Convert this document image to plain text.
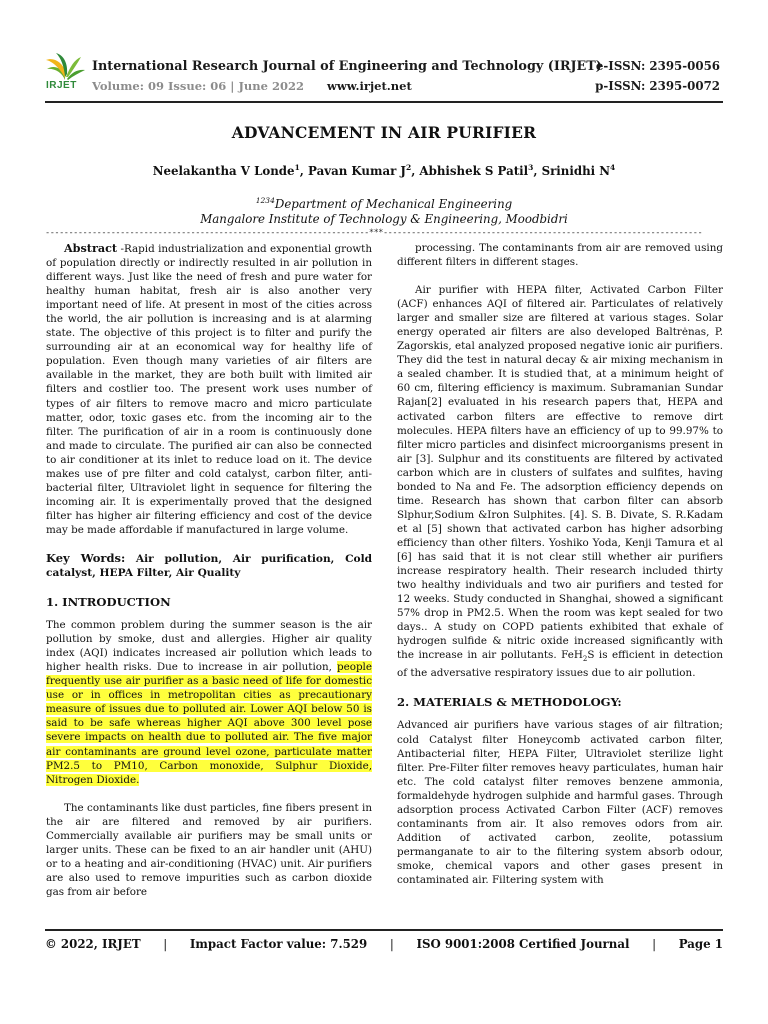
IRJET
International Research Journal of Engineering and Technology (IRJET)
Volume: 09 Issue: 06 | June 2022 www.irjet.net
e-ISSN: 2395-0056
p-ISSN: 2395-0072
ADVANCEMENT IN AIR PURIFIER
Neelakantha V Londe$^1$, Pavan Kumar $J^2$, Abhishek S Patil$^3$, Srinidhi $N^4$
$^{1234}$Department of Mechanical Engineering
Mangalore Institute of Technology & Engineering, Moodbidri
---------------------------------------------------------------------***--------------------------------------------------------------------

Abstract -Rapid industrialization and exponential growth of population directly or indirectly resulted in air pollution in different ways. Just like the need of fresh and pure water for healthy human habitat, fresh air is also another very important need of life. At present in most of the cities across the world, the air pollution is increasing and is at alarming state. The objective of this project is to filter and purify the surrounding air at an economical way for healthy life of population. Even though many varieties of air filters are available in the market, they are both built with limited air filters and costlier too. The present work uses number of types of air filters to remove macro and micro particulate matter, odor, toxic gases etc. from the incoming air to the filter. The purification of air in a room is continuously done and made to circulate. The purified air can also be connected to air conditioner at its inlet to reduce load on it. The device makes use of pre filter and cold catalyst, carbon filter, anti-bacterial filter, Ultraviolet light in sequence for filtering the incoming air. It is experimentally proved that the designed filter has higher air filtering efficiency and cost of the device may be made affordable if manufactured in large volume.

Key Words: Air pollution, Air purification, Cold catalyst, HEPA Filter, Air Quality

1. INTRODUCTION

The common problem during the summer season is the air pollution by smoke, dust and allergies. Higher air quality index (AQI) indicates increased air pollution which leads to higher health risks. Due to increase in air pollution, people frequently use air purifier as a basic need of life for domestic use or in offices in metropolitan cities as precautionary measure of issues due to polluted air. Lower AQI below 50 is said to be safe whereas higher AQI above 300 level pose severe impacts on health due to polluted air. The five major air contaminants are ground level ozone, particulate matter PM2.5 to PM10, Carbon monoxide, Sulphur Dioxide, Nitrogen Dioxide.

The contaminants like dust particles, fine fibers present in the air are filtered and removed by air purifiers. Commercially available air purifiers may be small units or larger units. These can be fixed to an air handler unit (AHU) or to a heating and air-conditioning (HVAC) unit. Air purifiers are also used to remove impurities such as carbon dioxide gas from air before

processing. The contaminants from air are removed using different filters in different stages.

Air purifier with HEPA filter, Activated Carbon Filter (ACF) enhances AQI of filtered air. Particulates of relatively larger and smaller size are filtered at various stages. Solar energy operated air filters are also developed Baltrėnas, P. Zagorskis, etal analyzed proposed negative ionic air purifiers. They did the test in natural decay & air mixing mechanism in a sealed chamber. It is studied that, at a minimum height of 60 cm, filtering efficiency is maximum. Subramanian Sundar Rajan[2] evaluated in his research papers that, HEPA and activated carbon filters are effective to remove dirt molecules. HEPA filters have an efficiency of up to 99.97% to filter micro particles and disinfect microorganisms present in air [3]. Sulphur and its constituents are filtered by activated carbon which are in clusters of sulfates and sulfites, having bonded to Na and Fe. The adsorption efficiency depends on time. Research has shown that carbon filter can absorb Slphur,Sodium &Iron Sulphites. [4]. S. B. Divate, S. R.Kadam et al [5] shown that activated carbon has higher adsorbing efficiency than other filters. Yoshiko Yoda, Kenji Tamura et al [6] has said that it is not clear still whether air purifiers increase respiratory health. Their research included thirty two healthy individuals and two air purifiers and tested for 12 weeks. Study conducted in Shanghai, showed a significant 57% drop in PM2.5. When the room was kept sealed for two days.. A study on COPD patients exhibited that exhale of hydrogen sulfide & nitric oxide increased significantly with the increase in air pollutants. FeH$_2$S is efficient in detection of the adversative respiratory issues due to air pollution.

2. MATERIALS & METHODOLOGY:

Advanced air purifiers have various stages of air filtration; cold Catalyst filter Honeycomb activated carbon filter, Antibacterial filter, HEPA Filter, Ultraviolet sterilize light filter. Pre-Filter filter removes heavy particulates, human hair etc. The cold catalyst filter removes benzene ammonia, formaldehyde hydrogen sulphide and harmful gases. Through adsorption process Activated Carbon Filter (ACF) removes contaminants from air. It also removes odors from air. Addition of activated carbon, zeolite, potassium permanganate to air to the filtering system absorb odour, smoke, chemical vapors and other gases present in contaminated air. Filtering system with

© 2022, IRJET | Impact Factor value: 7.529 | ISO 9001:2008 Certified Journal | Page 1
